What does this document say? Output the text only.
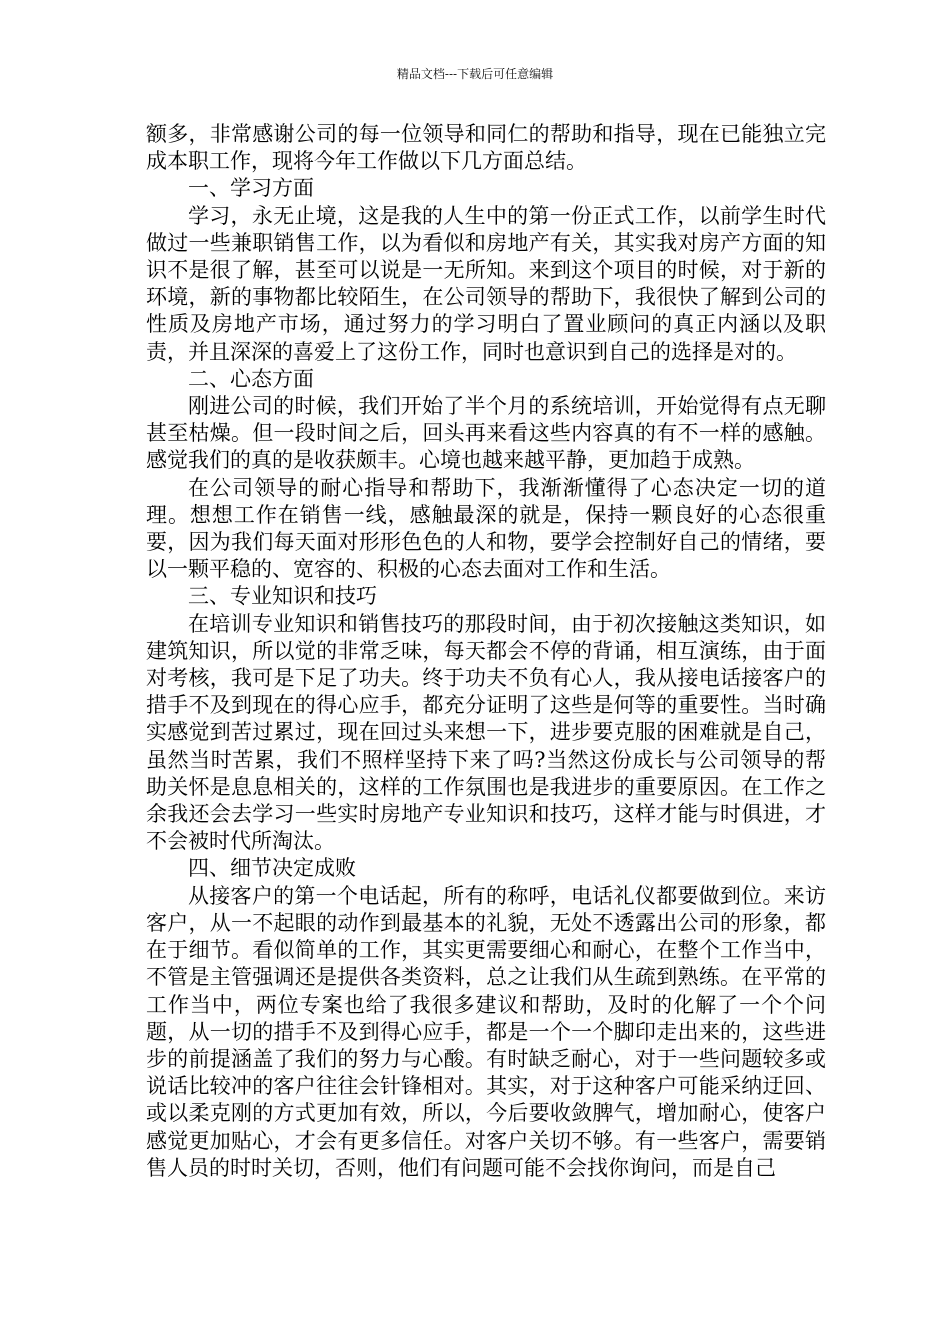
精品文档---下载后可任意编辑

额多，非常感谢公司的每一位领导和同仁的帮助和指导，现在已能独立完成本职工作，现将今年工作做以下几方面总结。

一、学习方面

学习，永无止境，这是我的人生中的第一份正式工作，以前学生时代做过一些兼职销售工作，以为看似和房地产有关，其实我对房产方面的知识不是很了解，甚至可以说是一无所知。来到这个项目的时候，对于新的环境，新的事物都比较陌生，在公司领导的帮助下，我很快了解到公司的性质及房地产市场，通过努力的学习明白了置业顾问的真正内涵以及职责，并且深深的喜爱上了这份工作，同时也意识到自己的选择是对的。

二、心态方面

刚进公司的时候，我们开始了半个月的系统培训，开始觉得有点无聊甚至枯燥。但一段时间之后，回头再来看这些内容真的有不一样的感触。感觉我们的真的是收获颇丰。心境也越来越平静，更加趋于成熟。

在公司领导的耐心指导和帮助下，我渐渐懂得了心态决定一切的道理。想想工作在销售一线，感触最深的就是，保持一颗良好的心态很重要，因为我们每天面对形形色色的人和物，要学会控制好自己的情绪，要以一颗平稳的、宽容的、积极的心态去面对工作和生活。

三、专业知识和技巧

在培训专业知识和销售技巧的那段时间，由于初次接触这类知识，如建筑知识，所以觉的非常乏味，每天都会不停的背诵，相互演练，由于面对考核，我可是下足了功夫。终于功夫不负有心人，我从接电话接客户的措手不及到现在的得心应手，都充分证明了这些是何等的重要性。当时确实感觉到苦过累过，现在回过头来想一下，进步要克服的困难就是自己，虽然当时苦累，我们不照样坚持下来了吗?当然这份成长与公司领导的帮助关怀是息息相关的，这样的工作氛围也是我进步的重要原因。在工作之余我还会去学习一些实时房地产专业知识和技巧，这样才能与时俱进，才不会被时代所淘汰。

四、细节决定成败

从接客户的第一个电话起，所有的称呼，电话礼仪都要做到位。来访客户，从一不起眼的动作到最基本的礼貌，无处不透露出公司的形象，都在于细节。看似简单的工作，其实更需要细心和耐心，在整个工作当中，不管是主管强调还是提供各类资料，总之让我们从生疏到熟练。在平常的工作当中，两位专案也给了我很多建议和帮助，及时的化解了一个个问题，从一切的措手不及到得心应手，都是一个一个脚印走出来的，这些进步的前提涵盖了我们的努力与心酸。有时缺乏耐心，对于一些问题较多或说话比较冲的客户往往会针锋相对。其实，对于这种客户可能采纳迂回、或以柔克刚的方式更加有效，所以，今后要收敛脾气，增加耐心，使客户感觉更加贴心，才会有更多信任。对客户关切不够。有一些客户，需要销售人员的时时关切，否则，他们有问题可能不会找你询问，而是自己
